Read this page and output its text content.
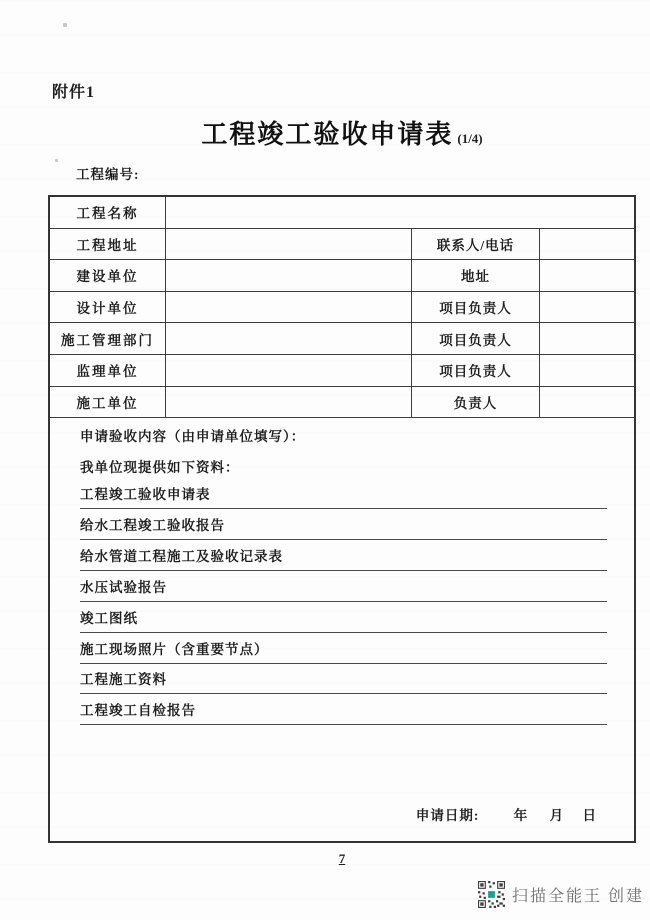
附件1
工程竣工验收申请表 (1/4)
工程编号:
工程名称
工程地址	联系人/电话
建设单位	地址
设计单位	项目负责人
施工管理部门	项目负责人
监理单位	项目负责人
施工单位	负责人
申请验收内容（由申请单位填写）：
我单位现提供如下资料：
工程竣工验收申请表
给水工程竣工验收报告
给水管道工程施工及验收记录表
水压试验报告
竣工图纸
施工现场照片（含重要节点）
工程施工资料
工程竣工自检报告
申请日期:	年 月 日
7
扫描全能王 创建
